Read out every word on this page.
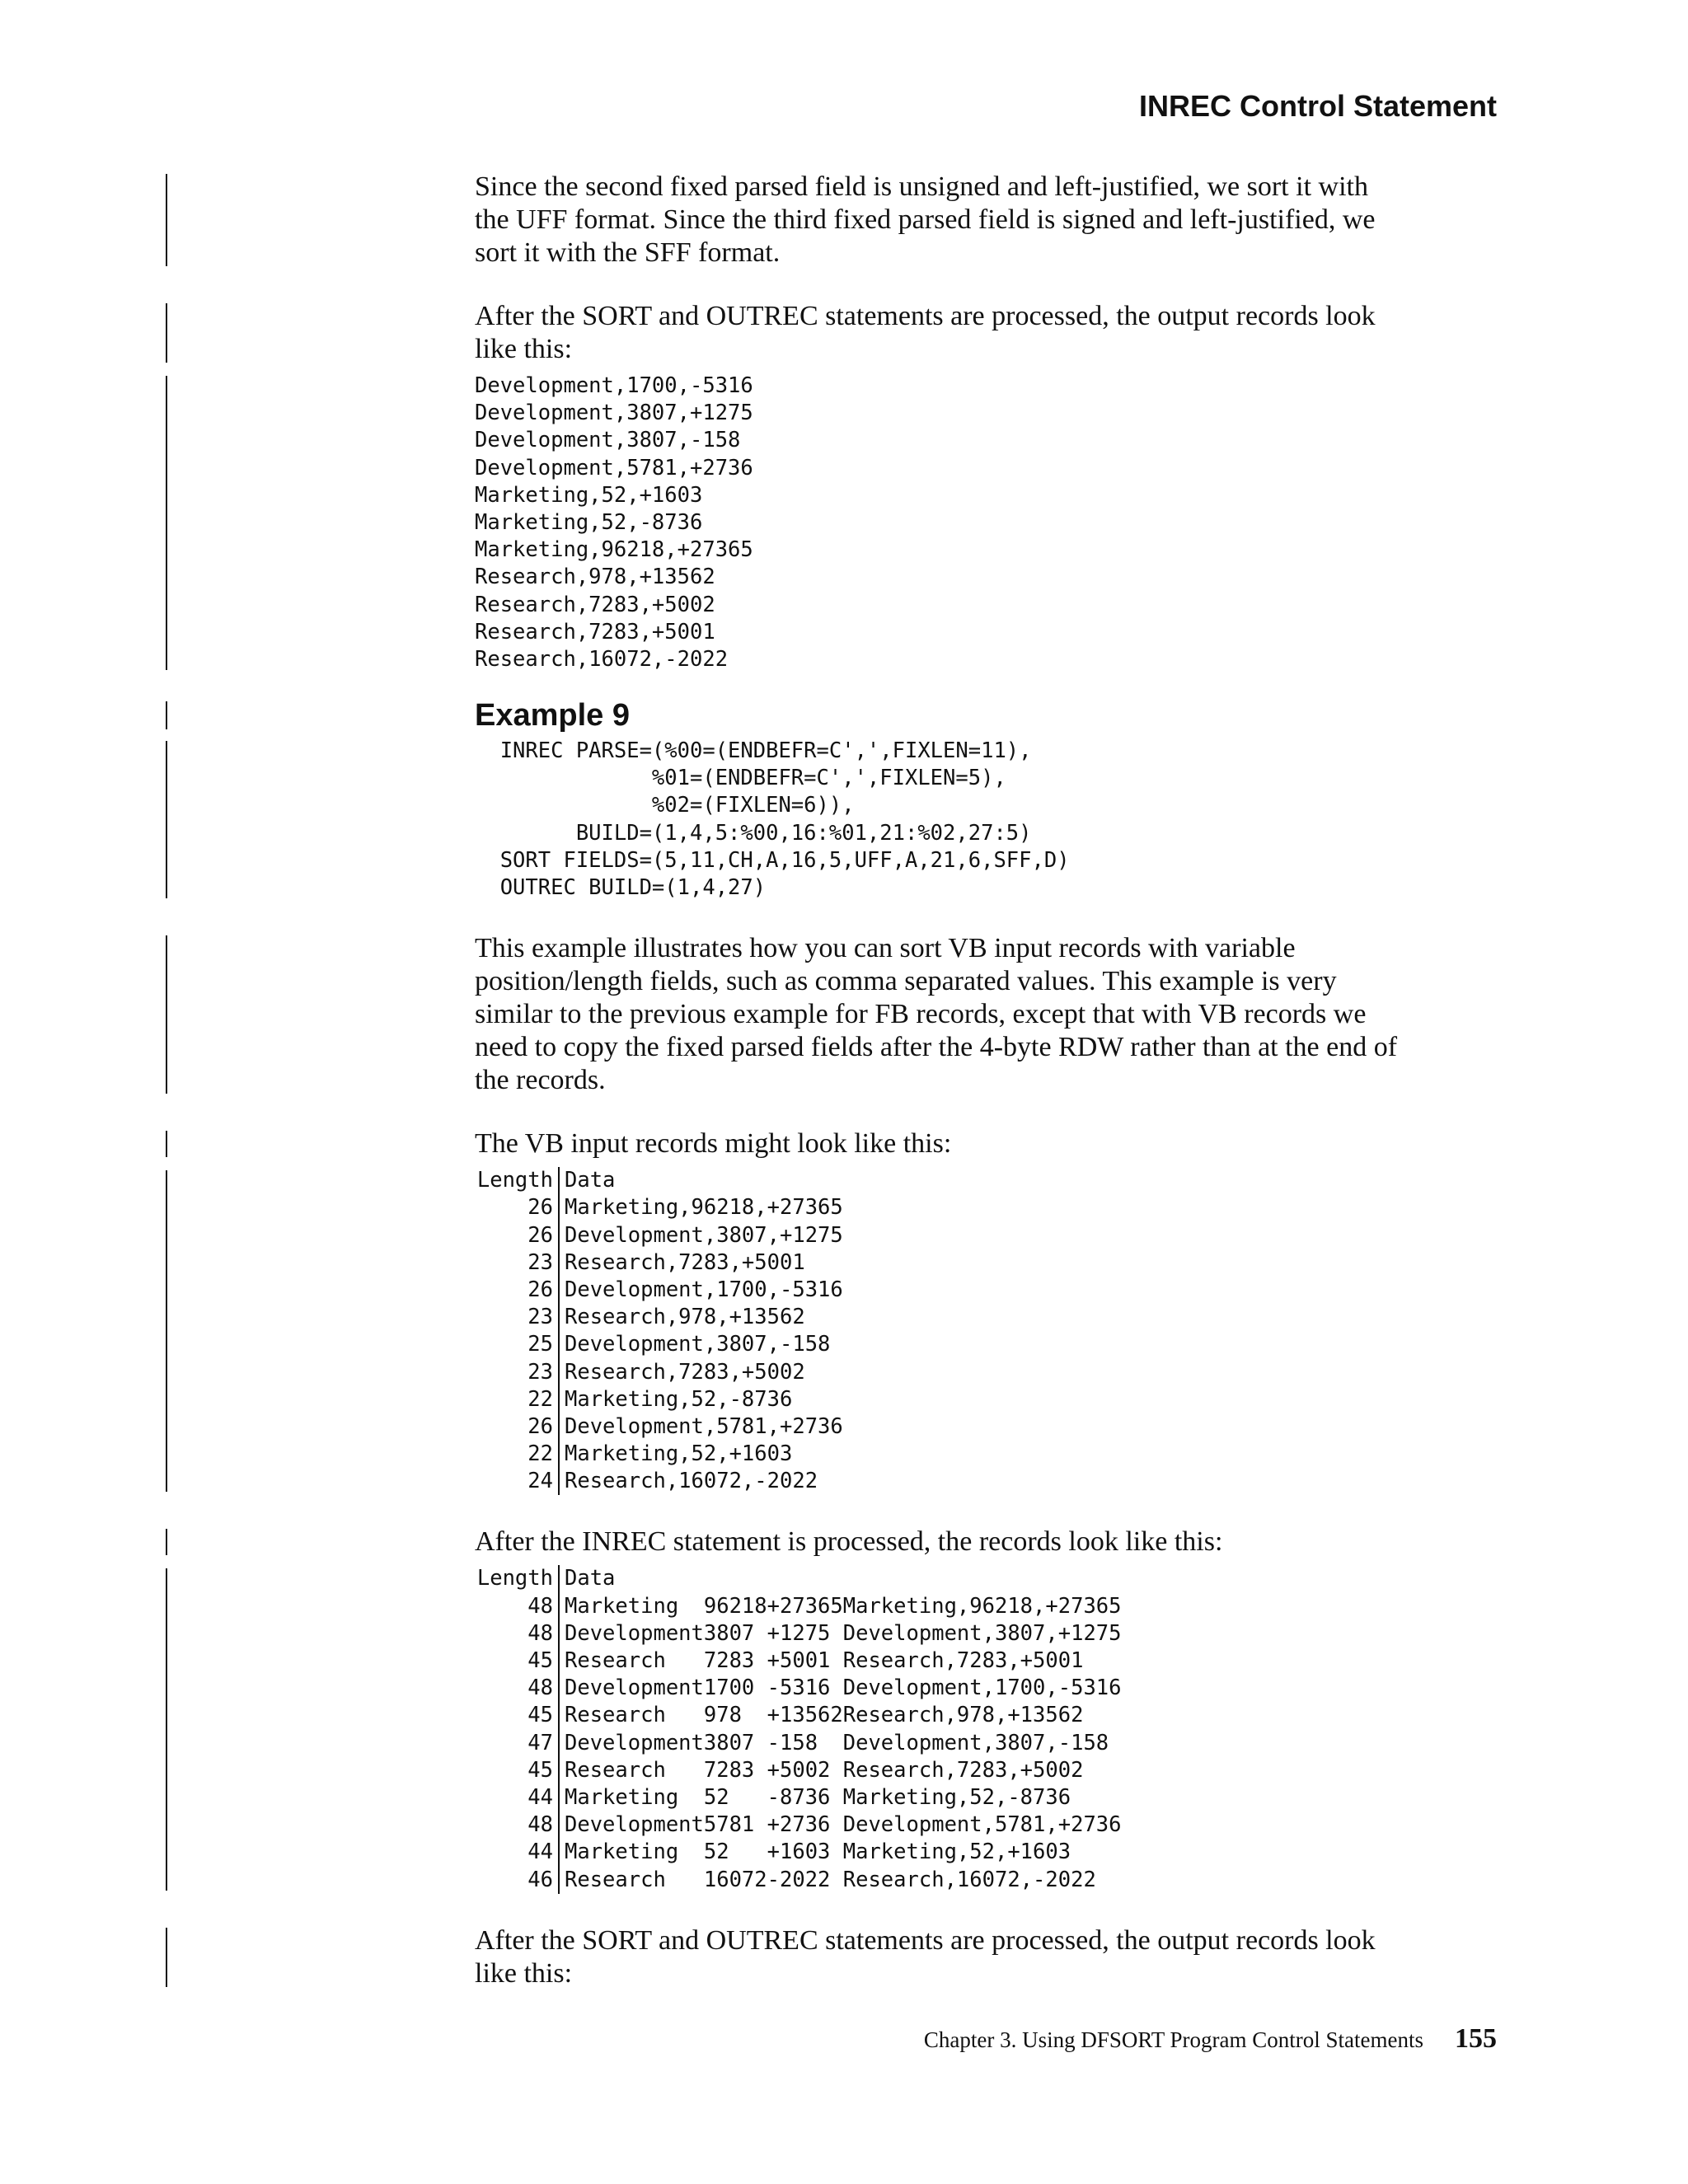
INREC Control Statement

Since the second fixed parsed field is unsigned and left-justified, we sort it with
the UFF format. Since the third fixed parsed field is signed and left-justified, we
sort it with the SFF format.

After the SORT and OUTREC statements are processed, the output records look
like this:

Development,1700,-5316
Development,3807,+1275
Development,3807,-158
Development,5781,+2736
Marketing,52,+1603
Marketing,52,-8736
Marketing,96218,+27365
Research,978,+13562
Research,7283,+5002
Research,7283,+5001
Research,16072,-2022
Example 9
INREC PARSE=(%00=(ENDBEFR=C',',FIXLEN=11),
%01=(ENDBEFR=C',',FIXLEN=5),
%02=(FIXLEN=6)),
BUILD=(1,4,5:%00,16:%01,21:%02,27:5)
SORT FIELDS=(5,11,CH,A,16,5,UFF,A,21,6,SFF,D)
OUTREC BUILD=(1,4,27)

This example illustrates how you can sort VB input records with variable
position/length fields, such as comma separated values. This example is very
similar to the previous example for FB records, except that with VB records we
need to copy the fixed parsed fields after the 4-byte RDW rather than at the end of
the records.

The VB input records might look like this:

Length
26
26
23
26
23
25
23
22
26
22
24
Data
Marketing,96218,+27365
Development,3807,+1275
Research,7283,+5001
Development,1700,-5316
Research,978,+13562
Development,3807,-158
Research,7283,+5002
Marketing,52,-8736
Development,5781,+2736
Marketing,52,+1603
Research,16072,-2022

After the INREC statement is processed, the records look like this:

Length
48
48
45
48
45
47
45
44
48
44
46
Data
Marketing  96218+27365Marketing,96218,+27365
Development3807 +1275 Development,3807,+1275
Research   7283 +5001 Research,7283,+5001
Development1700 -5316 Development,1700,-5316
Research   978  +13562Research,978,+13562
Development3807 -158  Development,3807,-158
Research   7283 +5002 Research,7283,+5002
Marketing  52   -8736 Marketing,52,-8736
Development5781 +2736 Development,5781,+2736
Marketing  52   +1603 Marketing,52,+1603
Research   16072-2022 Research,16072,-2022

After the SORT and OUTREC statements are processed, the output records look
like this:

Chapter 3. Using DFSORT Program Control Statements 155
